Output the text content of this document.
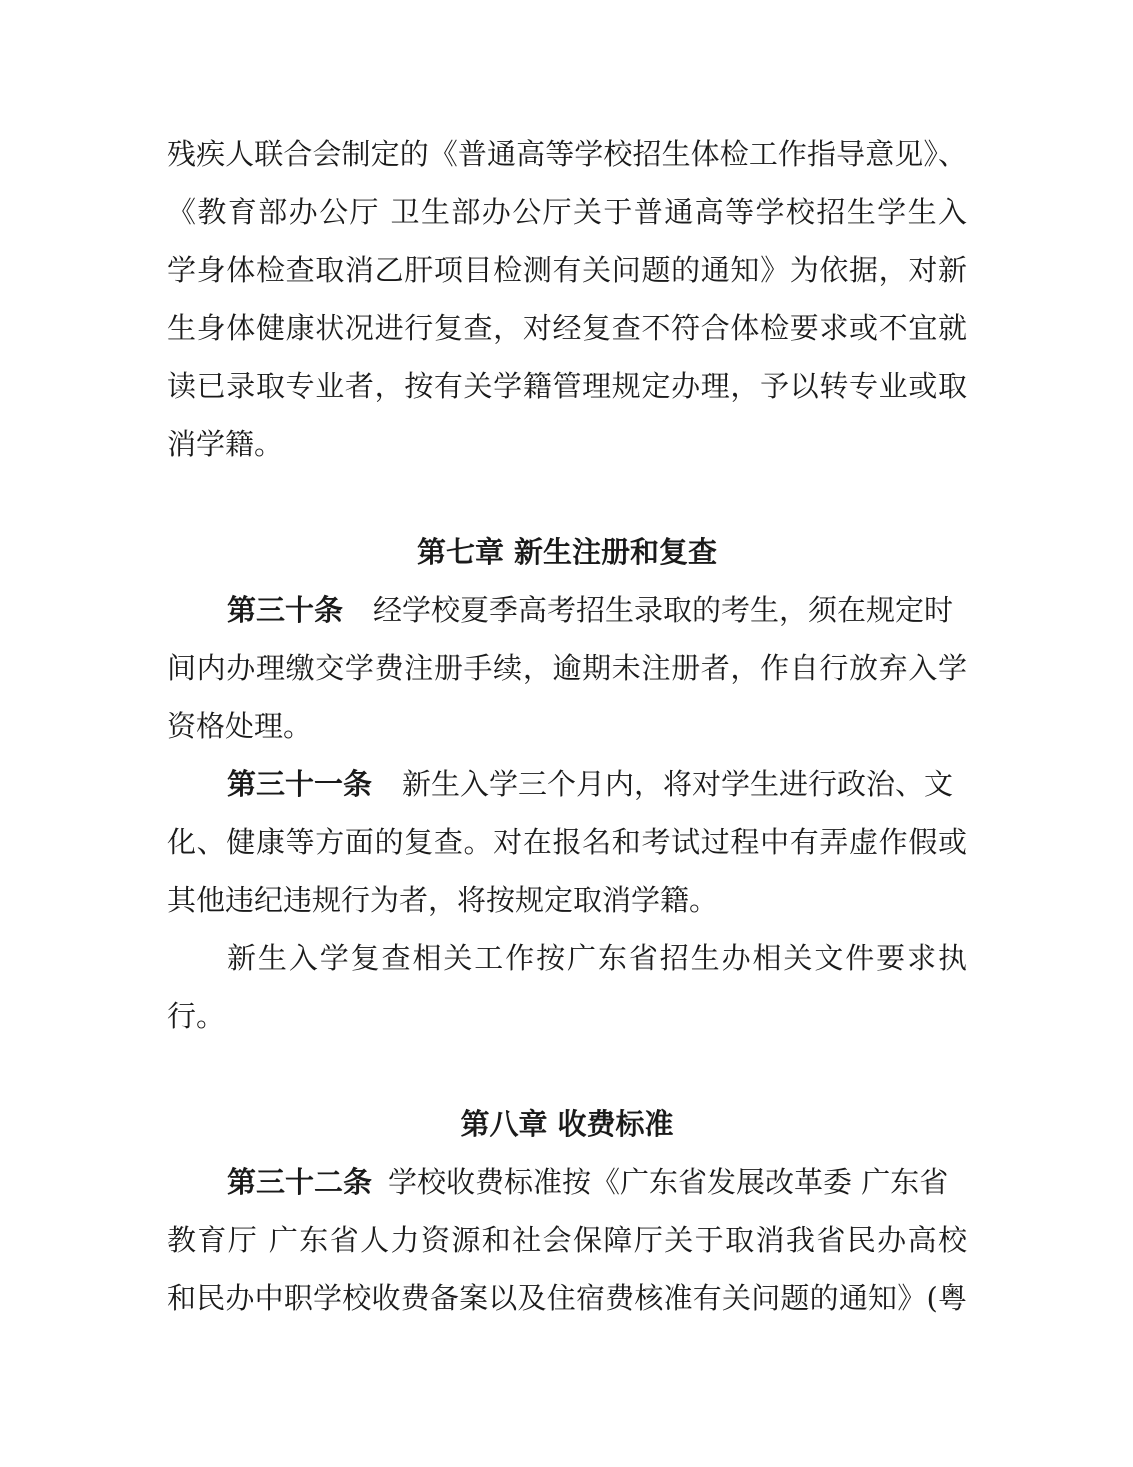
残疾人联合会制定的《普通高等学校招生体检工作指导意见》、
《教育部办公厅 卫生部办公厅关于普通高等学校招生学生入
学身体检查取消乙肝项目检测有关问题的通知》为依据，对新
生身体健康状况进行复查，对经复查不符合体检要求或不宜就
读已录取专业者，按有关学籍管理规定办理，予以转专业或取
消学籍。
第七章 新生注册和复查
第三十条 经学校夏季高考招生录取的考生，须在规定时
间内办理缴交学费注册手续，逾期未注册者，作自行放弃入学
资格处理。
第三十一条 新生入学三个月内，将对学生进行政治、文
化、健康等方面的复查。对在报名和考试过程中有弄虚作假或
其他违纪违规行为者，将按规定取消学籍。
新生入学复查相关工作按广东省招生办相关文件要求执
行。
第八章 收费标准
第三十二条 学校收费标准按《广东省发展改革委 广东省
教育厅 广东省人力资源和社会保障厅关于取消我省民办高校
和民办中职学校收费备案以及住宿费核准有关问题的通知》(粤
